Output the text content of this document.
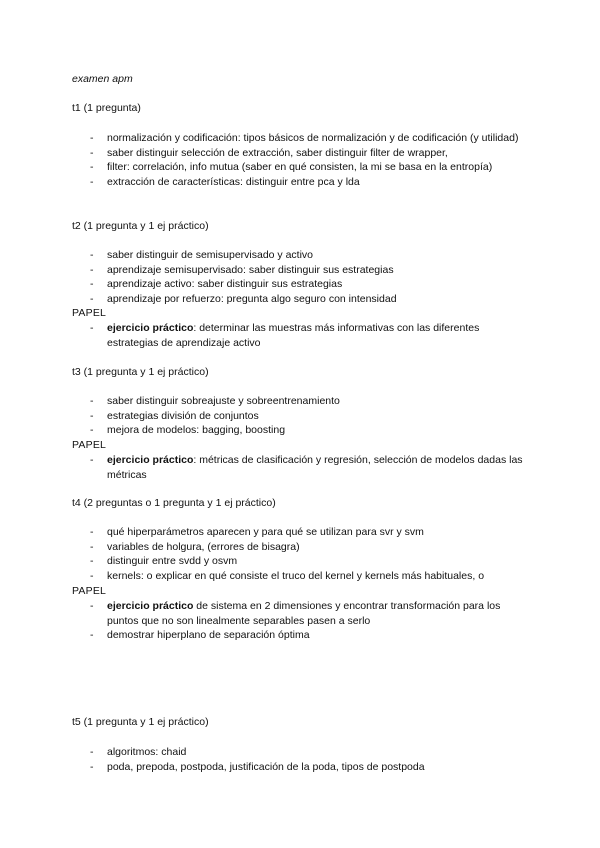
examen apm
t1 (1 pregunta)
- normalización y codificación: tipos básicos de normalización y de codificación (y utilidad)
- saber distinguir selección de extracción, saber distinguir filter de wrapper,
- filter: correlación, info mutua (saber en qué consisten, la mi se basa en la entropía)
- extracción de características: distinguir entre pca y lda
t2 (1 pregunta y 1 ej práctico)
- saber distinguir de semisupervisado y activo
- aprendizaje semisupervisado: saber distinguir sus estrategias
- aprendizaje activo: saber distinguir sus estrategias
- aprendizaje por refuerzo: pregunta algo seguro con intensidad
PAPEL
- ejercicio práctico: determinar las muestras más informativas con las diferentes estrategias de aprendizaje activo
t3 (1 pregunta y 1 ej práctico)
- saber distinguir sobreajuste y sobreentrenamiento
- estrategias división de conjuntos
- mejora de modelos: bagging, boosting
PAPEL
- ejercicio práctico: métricas de clasificación y regresión, selección de modelos dadas las métricas
t4 (2 preguntas o 1 pregunta y 1 ej práctico)
- qué hiperparámetros aparecen y para qué se utilizan para svr y svm
- variables de holgura, (errores de bisagra)
- distinguir entre svdd y osvm
- kernels: o explicar en qué consiste el truco del kernel y kernels más habituales, o
PAPEL
- ejercicio práctico de sistema en 2 dimensiones y encontrar transformación para los puntos que no son linealmente separables pasen a serlo
- demostrar hiperplano de separación óptima
t5 (1 pregunta y 1 ej práctico)
- algoritmos: chaid
- poda, prepoda, postpoda, justificación de la poda, tipos de postpoda
